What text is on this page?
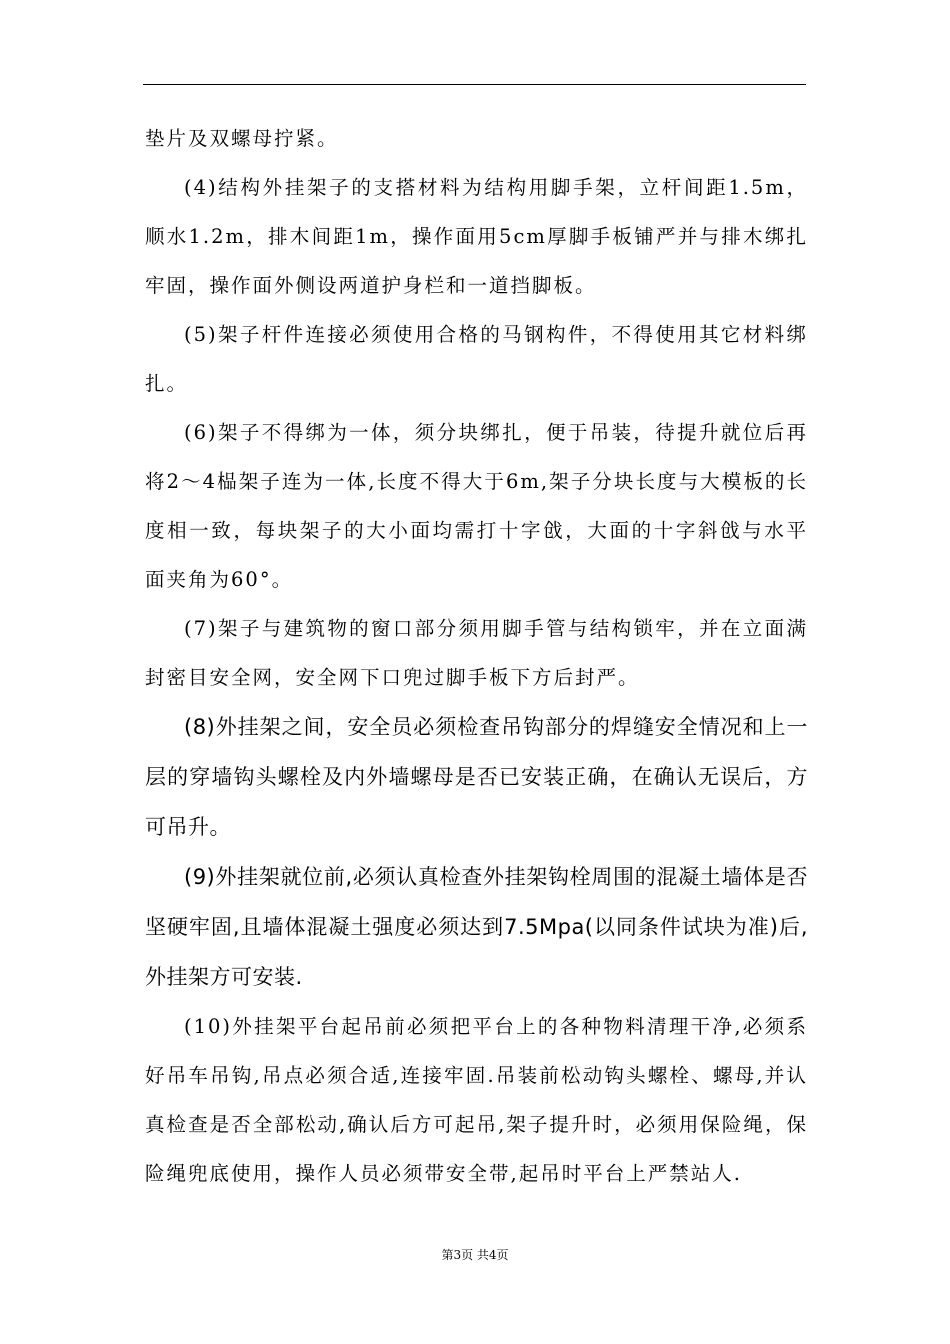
垫片及双螺母拧紧。

(4)结构外挂架子的支搭材料为结构用脚手架，立杆间距1.5m，顺水1.2m，排木间距1m，操作面用5cm厚脚手板铺严并与排木绑扎牢固，操作面外侧设两道护身栏和一道挡脚板。

(5)架子杆件连接必须使用合格的马钢构件，不得使用其它材料绑扎。

(6)架子不得绑为一体，须分块绑扎，便于吊装，待提升就位后再将2～4榀架子连为一体,长度不得大于6m,架子分块长度与大模板的长度相一致，每块架子的大小面均需打十字戗，大面的十字斜戗与水平面夹角为60°。

(7)架子与建筑物的窗口部分须用脚手管与结构锁牢，并在立面满封密目安全网，安全网下口兜过脚手板下方后封严。

(8)外挂架之间，安全员必须检查吊钩部分的焊缝安全情况和上一层的穿墙钩头螺栓及内外墙螺母是否已安装正确，在确认无误后，方可吊升。

(9)外挂架就位前,必须认真检查外挂架钩栓周围的混凝土墙体是否坚硬牢固,且墙体混凝土强度必须达到7.5Mpa(以同条件试块为准)后,外挂架方可安装.

(10)外挂架平台起吊前必须把平台上的各种物料清理干净,必须系好吊车吊钩,吊点必须合适,连接牢固.吊装前松动钩头螺栓、螺母,并认真检查是否全部松动,确认后方可起吊,架子提升时，必须用保险绳，保险绳兜底使用，操作人员必须带安全带,起吊时平台上严禁站人.

第3页 共4页
